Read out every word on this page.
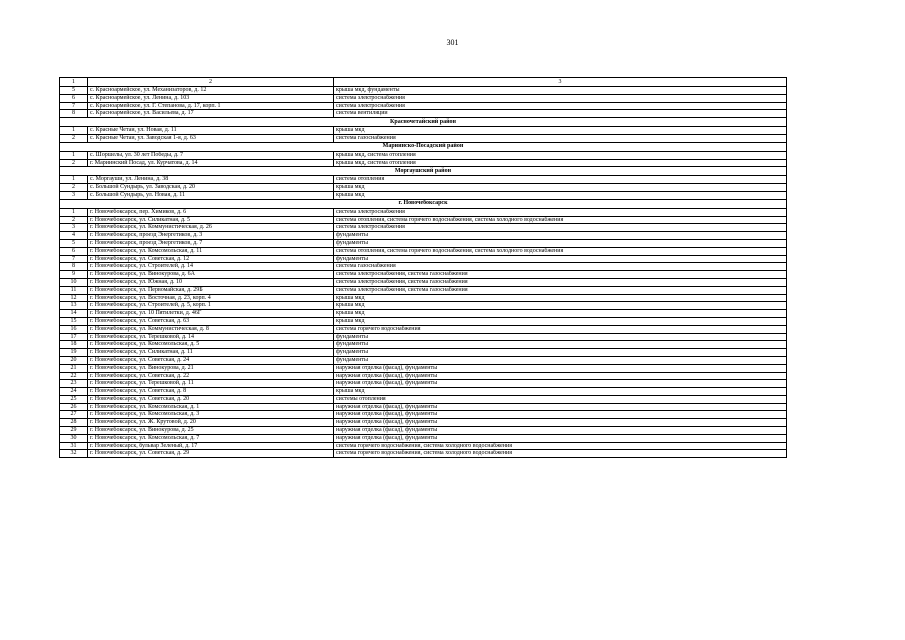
301
1	2	3
5	с. Красноармейское, ул. Механизаторов, д. 12	крыша мкд, фундаменты
6	с. Красноармейское, ул. Ленина, д. 103	система электроснабжения
7	с. Красноармейское, ул. Г. Степанова, д. 17, корп. 1	система электроснабжения
8	с. Красноармейское, ул. Васильева, д. 17	система вентиляции
Красночетайский район		
1	с. Красные Четаи, ул. Новая, д. 11	крыша мкд
2	с. Красные Четаи, ул. Заводская 1-я, д. 63	система газоснабжения
Мариинско-Посадский район		
1	с. Шоршелы, ул. 30 лет Победы, д. 7	крыша мкд, система отопления
2	г. Мариинский Посад, ул. Курчатова, д. 14	крыша мкд, система отопления
Моргаушский район		
1	с. Моргауши, ул. Ленина, д. 38	система отопления
2	с. Большой Сундырь, ул. Заводская, д. 20	крыша мкд
3	с. Большой Сундырь, ул. Новая, д. 11	крыша мкд
г. Новочебоксарск		
1	г. Новочебоксарск, пер. Химиков, д. 6	система электроснабжения
2	г. Новочебоксарск, ул. Силикатная, д. 5	система отопления, система горячего водоснабжения, система холодного водоснабжения
3	г. Новочебоксарск, ул. Коммунистическая, д. 26	система электроснабжения
4	г. Новочебоксарск, проезд Энергетиков, д. 3	фундаменты
5	г. Новочебоксарск, проезд Энергетиков, д. 7	фундаменты
6	г. Новочебоксарск, ул. Комсомольская, д. 11	система отопления, система горячего водоснабжения, система холодного водоснабжения
7	г. Новочебоксарск, ул. Советская, д. 12	фундаменты
8	г. Новочебоксарск, ул. Строителей, д. 14	система газоснабжения
9	г. Новочебоксарск, ул. Винокурова, д. 6А	система электроснабжения, система газоснабжения
10	г. Новочебоксарск, ул. Южная, д. 10	система электроснабжения, система газоснабжения
11	г. Новочебоксарск, ул. Первомайская, д. 29Б	система электроснабжения, система газоснабжения
12	г. Новочебоксарск, ул. Восточная, д. 23, корп. 4	крыша мкд
13	г. Новочебоксарск, ул. Строителей, д. 5, корп. 1	крыша мкд
14	г. Новочебоксарск, ул. 10 Пятилетки, д. 46Г	крыша мкд
15	г. Новочебоксарск, ул. Советская, д. 63	крыша мкд
16	г. Новочебоксарск, ул. Коммунистическая, д. 8	система горячего водоснабжения
17	г. Новочебоксарск, ул. Терешковой, д. 14	фундаменты
18	г. Новочебоксарск, ул. Комсомольская, д. 5	фундаменты
19	г. Новочебоксарск, ул. Силикатная, д. 11	фундаменты
20	г. Новочебоксарск, ул. Советская, д. 24	фундаменты
21	г. Новочебоксарск, ул. Винокурова, д. 21	наружная отделка (фасад), фундаменты
22	г. Новочебоксарск, ул. Советская, д. 22	наружная отделка (фасад), фундаменты
23	г. Новочебоксарск, ул. Терешковой, д. 11	наружная отделка (фасад), фундаменты
24	г. Новочебоксарск, ул. Советская, д. 8	крыша мкд
25	г. Новочебоксарск, ул. Советская, д. 20	системы отопления
26	г. Новочебоксарск, ул. Комсомольская, д. 1	наружная отделка (фасад), фундаменты
27	г. Новочебоксарск, ул. Комсомольская, д. 3	наружная отделка (фасад), фундаменты
28	г. Новочебоксарск, ул. Ж. Крутовой, д. 20	наружная отделка (фасад), фундаменты
29	г. Новочебоксарск, ул. Винокурова, д. 25	наружная отделка (фасад), фундаменты
30	г. Новочебоксарск, ул. Комсомольская, д. 7	наружная отделка (фасад), фундаменты
31	г. Новочебоксарск, бульвар Зеленый, д. 17	система горячего водоснабжения, система холодного водоснабжения
32	г. Новочебоксарск, ул. Советская, д. 29	система горячего водоснабжения, система холодного водоснабжения
